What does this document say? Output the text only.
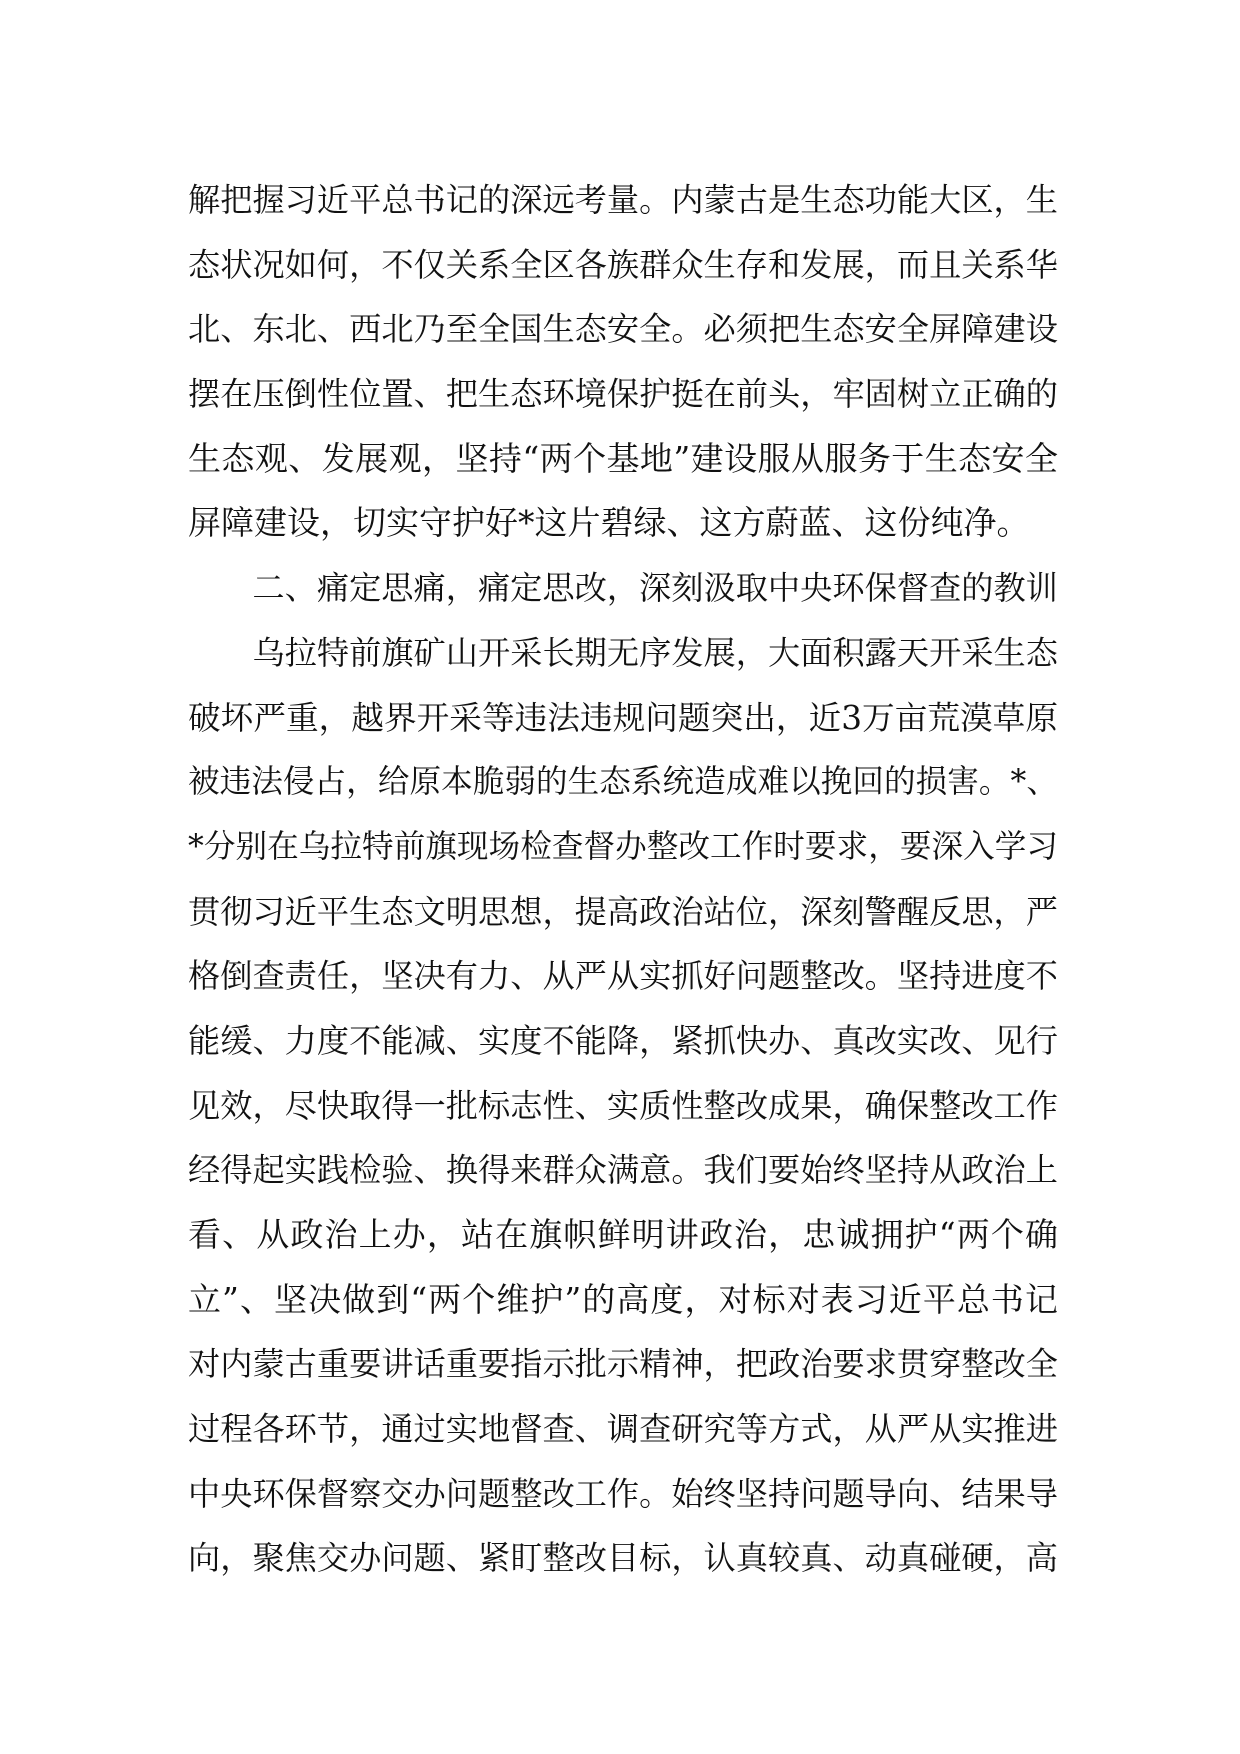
解把握习近平总书记的深远考量。内蒙古是生态功能大区，生
态状况如何，不仅关系全区各族群众生存和发展，而且关系华
北、东北、西北乃至全国生态安全。必须把生态安全屏障建设
摆在压倒性位置、把生态环境保护挺在前头，牢固树立正确的
生态观、发展观，坚持“两个基地”建设服从服务于生态安全
屏障建设，切实守护好*这片碧绿、这方蔚蓝、这份纯净。
　　二、痛定思痛，痛定思改，深刻汲取中央环保督查的教训
　　乌拉特前旗矿山开采长期无序发展，大面积露天开采生态
破坏严重，越界开采等违法违规问题突出，近3万亩荒漠草原
被违法侵占，给原本脆弱的生态系统造成难以挽回的损害。*、
*分别在乌拉特前旗现场检查督办整改工作时要求，要深入学习
贯彻习近平生态文明思想，提高政治站位，深刻警醒反思，严
格倒查责任，坚决有力、从严从实抓好问题整改。坚持进度不
能缓、力度不能减、实度不能降，紧抓快办、真改实改、见行
见效，尽快取得一批标志性、实质性整改成果，确保整改工作
经得起实践检验、换得来群众满意。我们要始终坚持从政治上
看、从政治上办，站在旗帜鲜明讲政治，忠诚拥护“两个确
立”、坚决做到“两个维护”的高度，对标对表习近平总书记
对内蒙古重要讲话重要指示批示精神，把政治要求贯穿整改全
过程各环节，通过实地督查、调查研究等方式，从严从实推进
中央环保督察交办问题整改工作。始终坚持问题导向、结果导
向，聚焦交办问题、紧盯整改目标，认真较真、动真碰硬，高
